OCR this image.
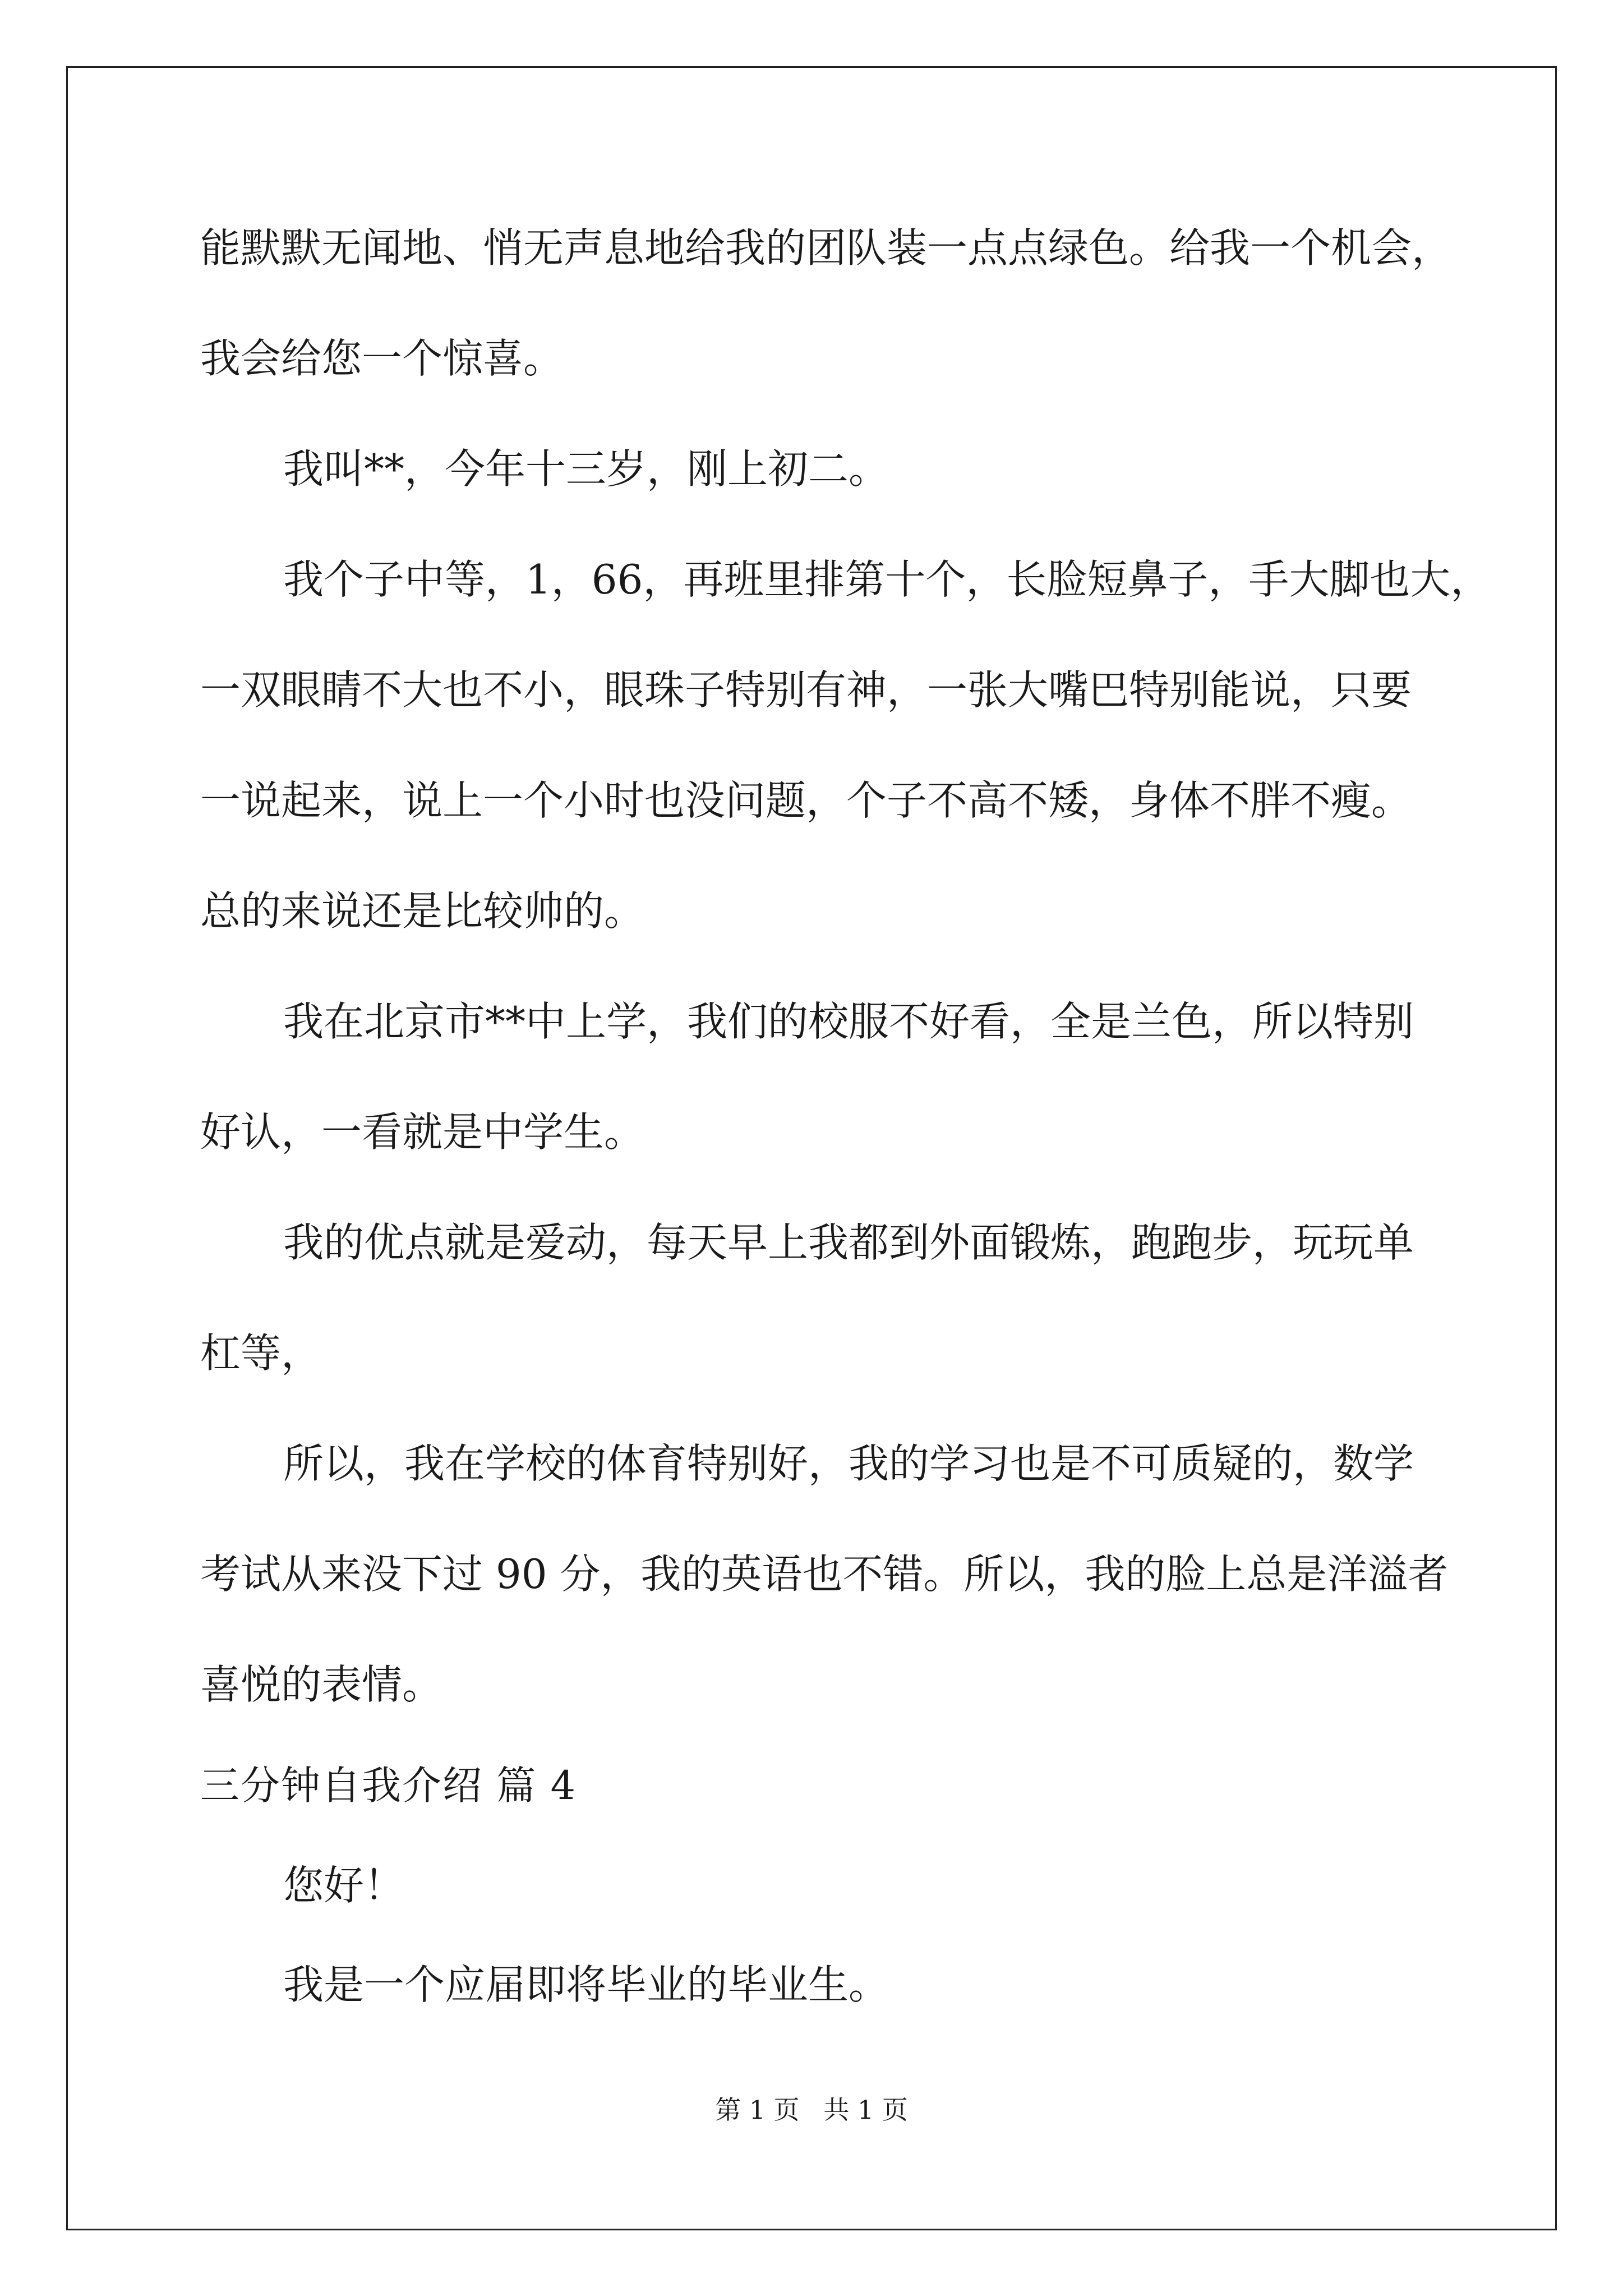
能默默无闻地、悄无声息地给我的团队装一点点绿色。给我一个机会，
我会给您一个惊喜。
我叫**，今年十三岁，刚上初二。
我个子中等，1，66，再班里排第十个，长脸短鼻子，手大脚也大，
一双眼睛不大也不小，眼珠子特别有神，一张大嘴巴特别能说，只要
一说起来，说上一个小时也没问题，个子不高不矮，身体不胖不瘦。
总的来说还是比较帅的。
我在北京市**中上学，我们的校服不好看，全是兰色，所以特别
好认，一看就是中学生。
我的优点就是爱动，每天早上我都到外面锻炼，跑跑步，玩玩单
杠等，
所以，我在学校的体育特别好，我的学习也是不可质疑的，数学
考试从来没下过 90 分，我的英语也不错。所以，我的脸上总是洋溢者
喜悦的表情。
三分钟自我介绍 篇 4
您好！
我是一个应届即将毕业的毕业生。
第 1 页 共 1 页
